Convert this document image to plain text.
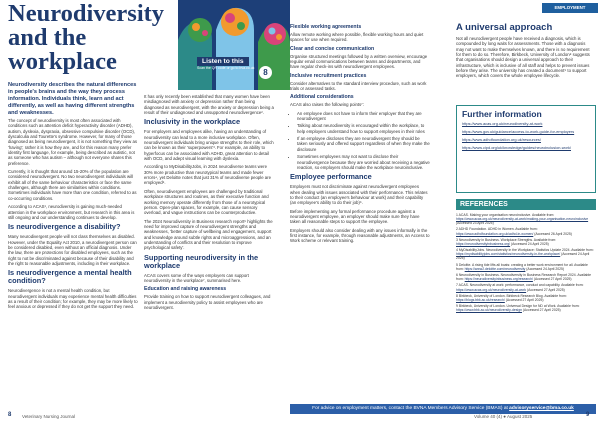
Neurodiversity and the workplace	Listen to this
Scan the QR code or go to bva.co.uk	8
EMPLOYMENT
Neurodiversity describes the natural differences in people's brains and the way they process information. Individuals think, learn and act differently, as well as having different strengths and weaknesses.

The concept of neurodiversity is most often associated with conditions such as attention deficit hyperactivity disorder (ADHD), autism, dyslexia, dyspraxia, obsessive compulsive disorder (OCD), dyscalculia and Tourette's syndrome. However, for many of those diagnosed as being neurodivergent, it is not something they view as 'having'; rather it is how they are, and for this reason many prefer identity first language, for example, being described as autistic, not as someone who has autism – although not everyone shares this preference.

Currently, it is thought that around 15-20% of the population are considered neurodivergent. No two neurodivergent individuals will exhibit all of the same behaviour characteristics or face the same challenges, although there are similarities within conditions. Sometimes individuals have more than one condition, referred to as co-occurring conditions.

According to ACAS¹, neurodiversity is gaining much-needed attention in the workplace environment, but research in this area is still ongoing and our understanding continues to develop.

Is neurodivergence a disability?

Many neurodivergent people will not class themselves as disabled. However, under the Equality Act 2010, a neurodivergent person can be considered disabled, even without an official diagnosis. Under the law, there are protections for disabled employees, such as the right to not be discriminated against because of their disability and the right to reasonable adjustments, including in their workplace.

Is neurodivergence a mental health condition?

Neurodivergence is not a mental health condition, but neurodivergent individuals may experience mental health difficulties as a result of their condition; for example, they may be more likely to feel anxious or depressed if they do not get the support they need.

It has only recently been established that many women have been misdiagnosed with anxiety or depression rather than being diagnosed as neurodivergent, with the anxiety or depression being a result of their undiagnosed and unsupported neurodivergence².

Inclusivity in the workplace

For employers and employees alike, having an understanding of neurodiversity can lead to a more inclusive workplace. Often, neurodivergent individuals bring unique strengths to their role, which can be known as their 'superpowers'³. For example, an ability to hyperfocus can be associated with ADHD, great attention to detail with OCD, and adept visual learning with dyslexia.

According to MyDisabilityJobs, in 2024 neurodiverse teams were 30% more productive than neurotypical teams and made fewer errors⁴, yet Deloitte notes that just 31% of neurodiverse people are employed⁵.

Often, neurodivergent employees are challenged by traditional workplace structures and routines, as their executive function and working memory operate differently from those of a neurotypical person. Open-plan spaces, for example, can cause sensory overload, and vague instructions can be counterproductive.

The 2024 Neurodiversity in Business research report⁶ highlights the need for improved capture of neurodivergent strengths and weaknesses, 'better capture of wellbeing and engagement, support and knowledge around subtle rights and microaggressions, and an understanding of conflicts and their resolution to improve psychological safety'.

Supporting neurodiversity in the workplace

ACAS covers some of the ways employers can support neurodiversity in the workplace⁷, summarised here.

Education and raising awareness

Provide training on how to support neurodivergent colleagues, and implement a neurodiversity policy to assist employees who are neurodivergent.

Flexible working agreements

Allow remote working where possible, flexible working hours and quiet spaces for use when required.

Clear and concise communication

Organise structured meetings followed by a written overview, encourage regular email communications between teams and departments, and have regular check-ins with neurodivergent employees.

Inclusive recruitment practices

Consider alternatives to the standard interview procedure, such as work trials or assessed tasks.

Additional considerations

ACAS also raises the following points⁷:

• An employee does not have to inform their employer that they are neurodivergent
• Talking about neurodiversity is encouraged within the workplace, to help employers understand how to support employees in their roles
• If an employee discloses they are neurodivergent they should be taken seriously and offered support regardless of when they make the disclosure
• Sometimes employees may not want to disclose their neurodivergence because they are worried about receiving a negative reaction, so employers should make the workplace neuroinclusive.
Employee performance

Employers must not discriminate against neurodivergent employees when dealing with issues associated with their performance. This relates to their conduct (an employee's behaviour at work) and their capability (an employee's ability to do their job)⁶.

Before implementing any formal performance procedure against a neurodivergent employee, an employer should make sure they have taken all reasonable steps to support the employee.

Employers should also consider dealing with any issues informally in the first instance, for example, through reasonable adjustments, an Access to Work scheme or relevant training.

A universal approach
Not all neurodivergent people have received a diagnosis, which is compounded by long waits for assessments. Those with a diagnosis may not want to make themselves known, and there is no requirement for them to do so. Therefore, Birkbeck, University of London⁸ suggests that organisations should design a universal approach to their infrastructure, which is inclusive of all staff and helps to prevent issues before they arise. The university has created a document⁹ to support employers, which covers the whole employee lifecycle.
Further information
https://www.acas.org.uk/neurodiversity-at-work
https://www.gov.uk/guidance/access-to-work-guide-for-employers
https://www.adhdfoundation.org.uk/resources/
https://www.cipd.org/uk/knowledge/guides/neuroinclusion-work/
REFERENCES

1 ACAS. Making your organisation neuroinclusive. Available from: https://www.acas.org.uk/neurodiversity-at-work/making-your-organisation-neuroinclusive (Accessed 23 April 2025)

2 ADHD Foundation. ADHD in Women. Available from: https://www.adhdfoundation.org.uk/adhd-in-women/ (Accessed 26 April 2025)

3 Neurodiversity in Business. Workplace Strengths. Available from: https://neurodiversityinbusiness.org/ (Accessed 24 April 2025)

4 MyDisabilityJobs. Neurodiversity in the Workplace: Statistics Update 2024. Available from: https://mydisabilityjobs.com/statistics/neurodiversity-in-the-workplace/ (Accessed 24 April 2025)

5 Deloitte. A rising tide lifts all boats: creating a better work environment for all. Available from: https://www2.deloitte.com/neurodiversity (Accessed 24 April 2025)

6 Neurodiversity in Business. Neurodiversity in Business Research Report 2024. Available from: https://neurodiversityinbusiness.org/research/ (Accessed 27 April 2025)

7 ACAS. Neurodiversity at work: performance, conduct and capability. Available from: https://www.acas.org.uk/neurodiversity-at-work (Accessed 27 April 2025)

8 Birkbeck, University of London. Birkbeck Research Blog. Available from: https://blogs.bbk.ac.uk/research/ (Accessed 27 April 2025)

9 Birkbeck, University of London. Universal Design for ND at Work. Available from: https://www.bbk.ac.uk/neurodiversity-design (Accessed 27 April 2025)

For advice on employment matters, contact the BVNA Members Advisory Service (BMAS) at advisoryservice@bma.co.uk
8 Veterinary Nursing Journal	Volume 40 (4) ● August 2025	9
